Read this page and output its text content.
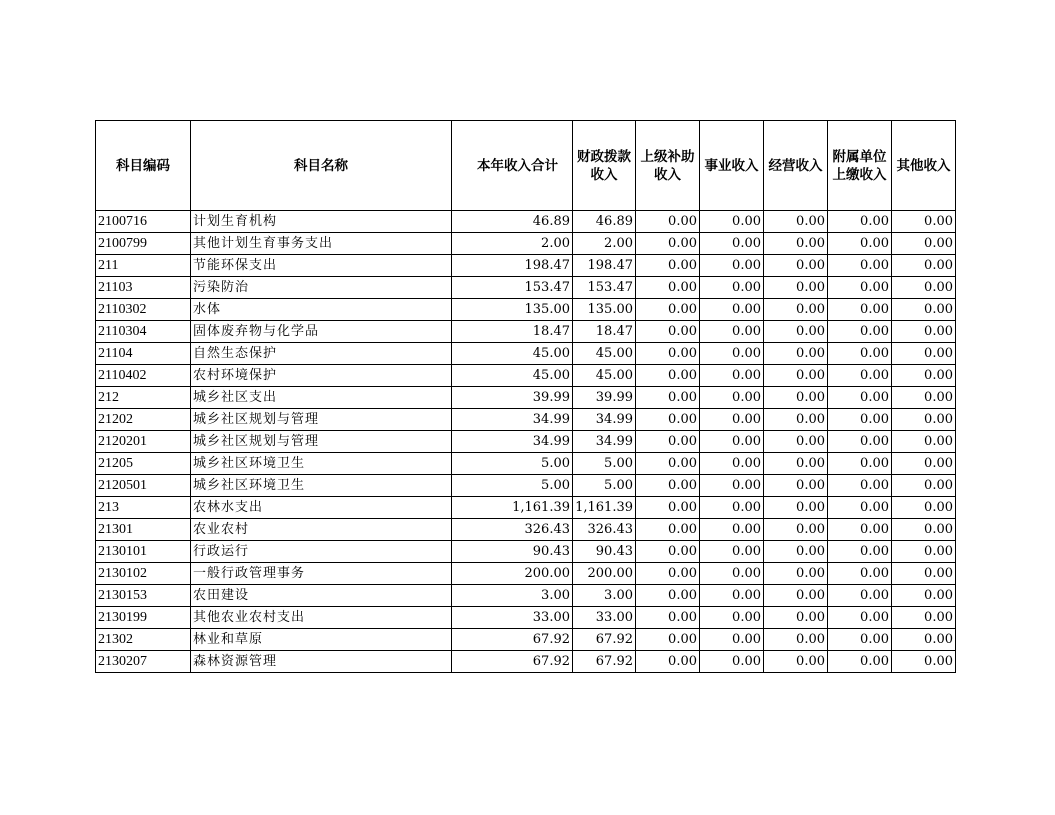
科目编码	科目名称	本年收入合计	财政拨款收入	上级补助收入	事业收入	经营收入	附属单位上缴收入	其他收入
2100716	计划生育机构	46.89	46.89	0.00	0.00	0.00	0.00	0.00
2100799	其他计划生育事务支出	2.00	2.00	0.00	0.00	0.00	0.00	0.00
211	节能环保支出	198.47	198.47	0.00	0.00	0.00	0.00	0.00
21103	污染防治	153.47	153.47	0.00	0.00	0.00	0.00	0.00
2110302	水体	135.00	135.00	0.00	0.00	0.00	0.00	0.00
2110304	固体废弃物与化学品	18.47	18.47	0.00	0.00	0.00	0.00	0.00
21104	自然生态保护	45.00	45.00	0.00	0.00	0.00	0.00	0.00
2110402	农村环境保护	45.00	45.00	0.00	0.00	0.00	0.00	0.00
212	城乡社区支出	39.99	39.99	0.00	0.00	0.00	0.00	0.00
21202	城乡社区规划与管理	34.99	34.99	0.00	0.00	0.00	0.00	0.00
2120201	城乡社区规划与管理	34.99	34.99	0.00	0.00	0.00	0.00	0.00
21205	城乡社区环境卫生	5.00	5.00	0.00	0.00	0.00	0.00	0.00
2120501	城乡社区环境卫生	5.00	5.00	0.00	0.00	0.00	0.00	0.00
213	农林水支出	1,161.39	1,161.39	0.00	0.00	0.00	0.00	0.00
21301	农业农村	326.43	326.43	0.00	0.00	0.00	0.00	0.00
2130101	行政运行	90.43	90.43	0.00	0.00	0.00	0.00	0.00
2130102	一般行政管理事务	200.00	200.00	0.00	0.00	0.00	0.00	0.00
2130153	农田建设	3.00	3.00	0.00	0.00	0.00	0.00	0.00
2130199	其他农业农村支出	33.00	33.00	0.00	0.00	0.00	0.00	0.00
21302	林业和草原	67.92	67.92	0.00	0.00	0.00	0.00	0.00
2130207	森林资源管理	67.92	67.92	0.00	0.00	0.00	0.00	0.00
